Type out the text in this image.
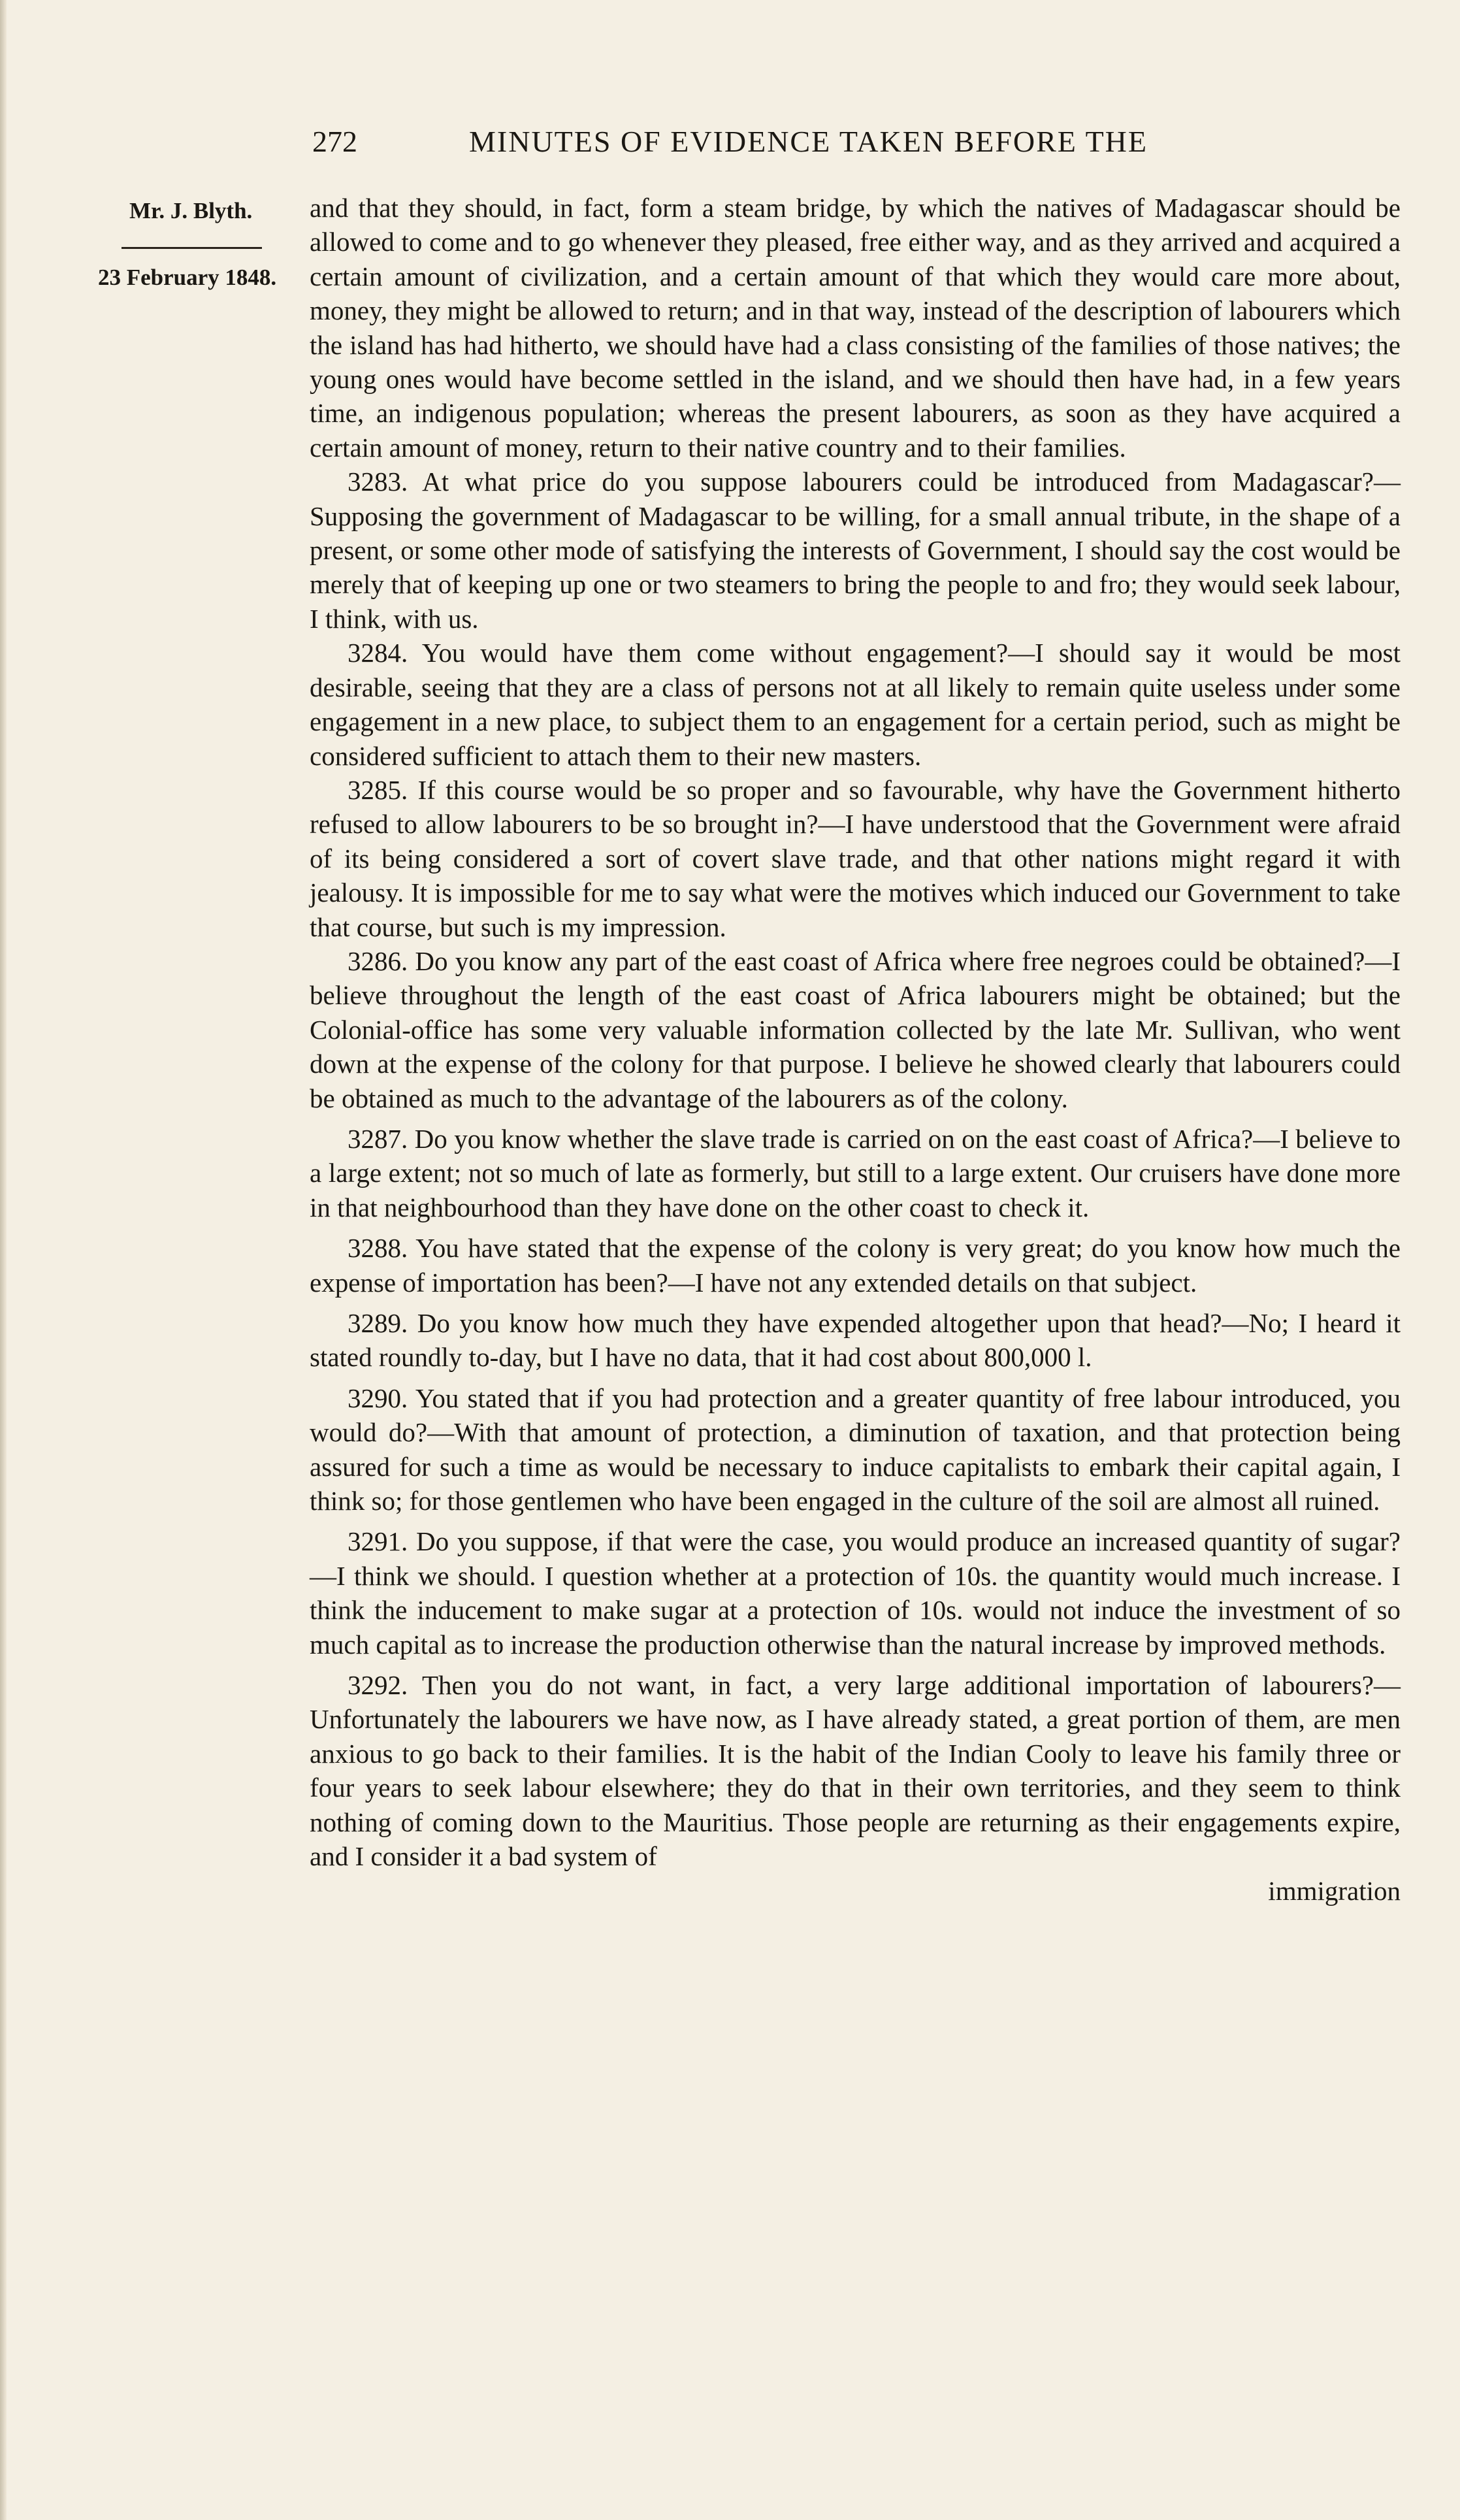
272	MINUTES OF EVIDENCE TAKEN BEFORE THE
Mr. J. Blyth.
23 February 1848.

and that they should, in fact, form a steam bridge, by which the natives of Madagascar should be allowed to come and to go whenever they pleased, free either way, and as they arrived and acquired a certain amount of civilization, and a certain amount of that which they would care more about, money, they might be allowed to return; and in that way, instead of the description of labourers which the island has had hitherto, we should have had a class consisting of the families of those natives; the young ones would have become settled in the island, and we should then have had, in a few years time, an indigenous population; whereas the present labourers, as soon as they have acquired a certain amount of money, return to their native country and to their families.

3283. At what price do you suppose labourers could be introduced from Madagascar?—Supposing the government of Madagascar to be willing, for a small annual tribute, in the shape of a present, or some other mode of satisfying the interests of Government, I should say the cost would be merely that of keeping up one or two steamers to bring the people to and fro; they would seek labour, I think, with us.

3284. You would have them come without engagement?—I should say it would be most desirable, seeing that they are a class of persons not at all likely to remain quite useless under some engagement in a new place, to subject them to an engagement for a certain period, such as might be considered sufficient to attach them to their new masters.

3285. If this course would be so proper and so favourable, why have the Government hitherto refused to allow labourers to be so brought in?—I have understood that the Government were afraid of its being considered a sort of covert slave trade, and that other nations might regard it with jealousy. It is impossible for me to say what were the motives which induced our Government to take that course, but such is my impression.

3286. Do you know any part of the east coast of Africa where free negroes could be obtained?—I believe throughout the length of the east coast of Africa labourers might be obtained; but the Colonial-office has some very valuable information collected by the late Mr. Sullivan, who went down at the expense of the colony for that purpose. I believe he showed clearly that labourers could be obtained as much to the advantage of the labourers as of the colony.

3287. Do you know whether the slave trade is carried on on the east coast of Africa?—I believe to a large extent; not so much of late as formerly, but still to a large extent. Our cruisers have done more in that neighbourhood than they have done on the other coast to check it.

3288. You have stated that the expense of the colony is very great; do you know how much the expense of importation has been?—I have not any extended details on that subject.

3289. Do you know how much they have expended altogether upon that head?—No; I heard it stated roundly to-day, but I have no data, that it had cost about 800,000 l.

3290. You stated that if you had protection and a greater quantity of free labour introduced, you would do?—With that amount of protection, a diminution of taxation, and that protection being assured for such a time as would be necessary to induce capitalists to embark their capital again, I think so; for those gentlemen who have been engaged in the culture of the soil are almost all ruined.

3291. Do you suppose, if that were the case, you would produce an increased quantity of sugar?—I think we should. I question whether at a protection of 10s. the quantity would much increase. I think the inducement to make sugar at a protection of 10s. would not induce the investment of so much capital as to increase the production otherwise than the natural increase by improved methods.

3292. Then you do not want, in fact, a very large additional importation of labourers?—Unfortunately the labourers we have now, as I have already stated, a great portion of them, are men anxious to go back to their families. It is the habit of the Indian Cooly to leave his family three or four years to seek labour elsewhere; they do that in their own territories, and they seem to think nothing of coming down to the Mauritius. Those people are returning as their engagements expire, and I consider it a bad system of

immigration
